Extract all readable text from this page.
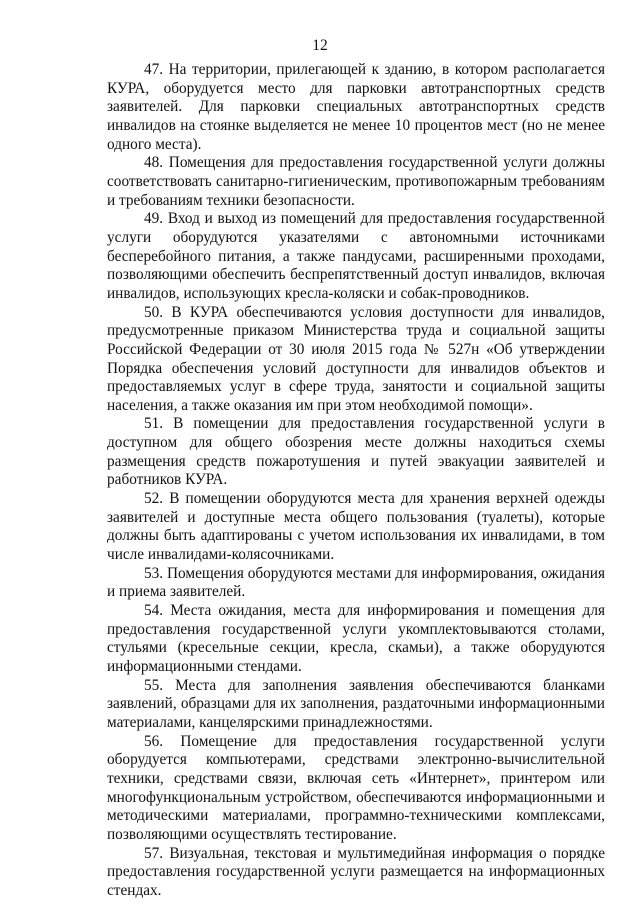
12

47. На территории, прилегающей к зданию, в котором располагается КУРА, оборудуется место для парковки автотранспортных средств заявителей. Для парковки специальных автотранспортных средств инвалидов на стоянке выделяется не менее 10 процентов мест (но не менее одного места).

48. Помещения для предоставления государственной услуги должны соответствовать санитарно-гигиеническим, противопожарным требованиям и требованиям техники безопасности.

49. Вход и выход из помещений для предоставления государственной услуги оборудуются указателями с автономными источниками бесперебойного питания, а также пандусами, расширенными проходами, позволяющими обеспечить беспрепятственный доступ инвалидов, включая инвалидов, использующих кресла-коляски и собак-проводников.

50. В КУРА обеспечиваются условия доступности для инвалидов, предусмотренные приказом Министерства труда и социальной защиты Российской Федерации от 30 июля 2015 года № 527н «Об утверждении Порядка обеспечения условий доступности для инвалидов объектов и предоставляемых услуг в сфере труда, занятости и социальной защиты населения, а также оказания им при этом необходимой помощи».

51. В помещении для предоставления государственной услуги в доступном для общего обозрения месте должны находиться схемы размещения средств пожаротушения и путей эвакуации заявителей и работников КУРА.

52. В помещении оборудуются места для хранения верхней одежды заявителей и доступные места общего пользования (туалеты), которые должны быть адаптированы с учетом использования их инвалидами, в том числе инвалидами-колясочниками.

53. Помещения оборудуются местами для информирования, ожидания и приема заявителей.

54. Места ожидания, места для информирования и помещения для предоставления государственной услуги укомплектовываются столами, стульями (кресельные секции, кресла, скамьи), а также оборудуются информационными стендами.

55. Места для заполнения заявления обеспечиваются бланками заявлений, образцами для их заполнения, раздаточными информационными материалами, канцелярскими принадлежностями.

56. Помещение для предоставления государственной услуги оборудуется компьютерами, средствами электронно-вычислительной техники, средствами связи, включая сеть «Интернет», принтером или многофункциональным устройством, обеспечиваются информационными и методическими материалами, программно-техническими комплексами, позволяющими осуществлять тестирование.

57. Визуальная, текстовая и мультимедийная информация о порядке предоставления государственной услуги размещается на информационных стендах.
